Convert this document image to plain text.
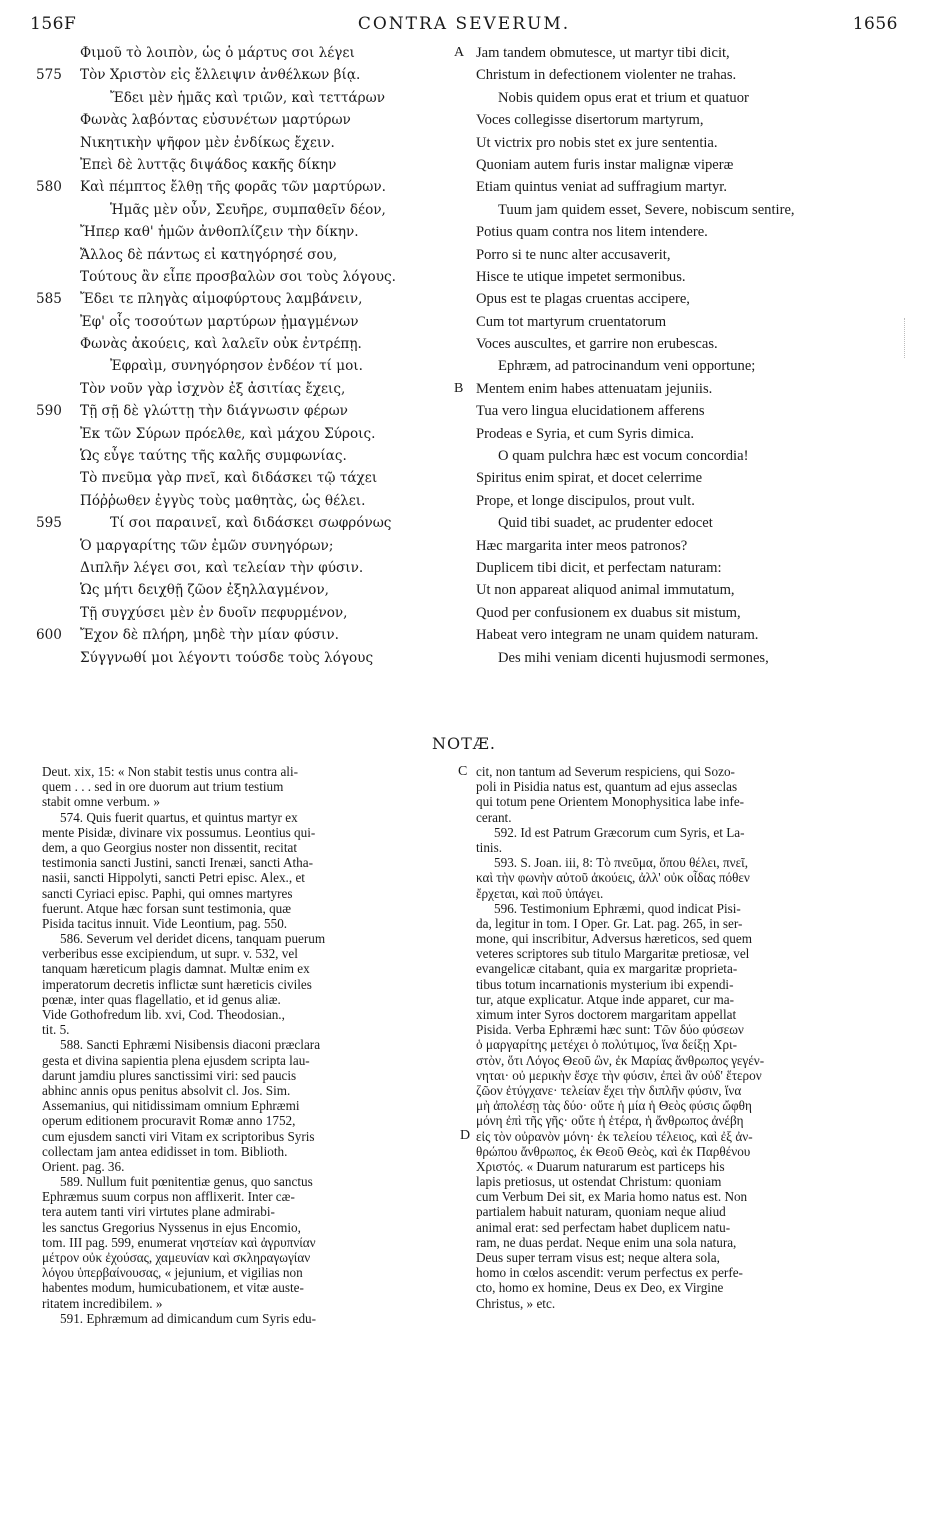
156F	CONTRA SEVERUM.	1656
Φιμοῦ τὸ λοιπὸν, ὡς ὁ μάρτυς σοι λέγει
575	Τὸν Χριστὸν εἰς ἔλλειψιν ἀνθέλκων βίᾳ.
Ἔδει μὲν ἡμᾶς καὶ τριῶν, καὶ τεττάρων
Φωνὰς λαβόντας εὐσυνέτων μαρτύρων
Νικητικὴν ψῆφον μὲν ἐνδίκως ἔχειν.
Ἐπεὶ δὲ λυττᾷς διψάδος κακῆς δίκην
580	Καὶ πέμπτος ἔλθῃ τῆς φορᾶς τῶν μαρτύρων.
Ἡμᾶς μὲν οὖν, Σευῆρε, συμπαθεῖν δέον,
Ἤπερ καθ' ἡμῶν ἀνθοπλίζειν τὴν δίκην.
Ἄλλος δὲ πάντως εἰ κατηγόρησέ σου,
Τούτους ἂν εἶπε προσβαλὼν σοι τοὺς λόγους.
585	Ἔδει τε πληγὰς αἱμοφύρτους λαμβάνειν,
Ἐφ' οἷς τοσούτων μαρτύρων ᾐμαγμένων
Φωνὰς ἀκούεις, καὶ λαλεῖν οὐκ ἐντρέπῃ.
Ἐφραὶμ, συνηγόρησον ἐνδέον τί μοι.
Τὸν νοῦν γὰρ ἰσχνὸν ἐξ ἀσιτίας ἔχεις,
590	Τῇ σῇ δὲ γλώττῃ τὴν διάγνωσιν φέρων
Ἐκ τῶν Σύρων πρόελθε, καὶ μάχου Σύροις.
Ὡς εὖγε ταύτης τῆς καλῆς συμφωνίας.
Τὸ πνεῦμα γὰρ πνεῖ, καὶ διδάσκει τῷ τάχει
Πόῤῥωθεν ἐγγὺς τοὺς μαθητὰς, ὡς θέλει.
595	Τί σοι παραινεῖ, καὶ διδάσκει σωφρόνως
Ὁ μαργαρίτης τῶν ἐμῶν συνηγόρων;
Διπλῆν λέγει σοι, καὶ τελείαν τὴν φύσιν.
Ὡς μήτι δειχθῇ ζῶον ἐξηλλαγμένον,
Τῇ συγχύσει μὲν ἐν δυοῖν πεφυρμένον,
600	Ἔχον δὲ πλήρη, μηδὲ τὴν μίαν φύσιν.
Σύγγνωθί μοι λέγοντι τούσδε τοὺς λόγους
A Jam tandem obmutesce, ut martyr tibi dicit,
Christum in defectionem violenter ne trahas.
Nobis quidem opus erat et trium et quatuor
Voces collegisse disertorum martyrum,
Ut victrix pro nobis stet ex jure sententia.
Quoniam autem furis instar malignæ viperæ
Etiam quintus veniat ad suffragium martyr.
Tuum jam quidem esset, Severe, nobiscum sentire,
Potius quam contra nos litem intendere.
Porro si te nunc alter accusaverit,
Hisce te utique impetet sermonibus.
Opus est te plagas cruentas accipere,
Cum tot martyrum cruentatorum
Voces auscultes, et garrire non erubescas.
Ephræm, ad patrocinandum veni opportune;
B Mentem enim habes attenuatam jejuniis.
Tua vero lingua elucidationem afferens
Prodeas e Syria, et cum Syris dimica.
O quam pulchra hæc est vocum concordia!
Spiritus enim spirat, et docet celerrime
Prope, et longe discipulos, prout vult.
Quid tibi suadet, ac prudenter edocet
Hæc margarita inter meos patronos?
Duplicem tibi dicit, et perfectam naturam:
Ut non appareat aliquod animal immutatum,
Quod per confusionem ex duabus sit mistum,
Habeat vero integram ne unam quidem naturam.
Des mihi veniam dicenti hujusmodi sermones,
NOTÆ.
Deut. xix, 15: « Non stabit testis unus contra ali-
quem . . . sed in ore duorum aut trium testium
stabit omne verbum. »
574. Quis fuerit quartus, et quintus martyr ex
mente Pisidæ, divinare vix possumus. Leontius qui-
dem, a quo Georgius noster non dissentit, recitat
testimonia sancti Justini, sancti Irenæi, sancti Atha-
nasii, sancti Hippolyti, sancti Petri episc. Alex., et
sancti Cyriaci episc. Paphi, qui omnes martyres
fuerunt. Atque hæc forsan sunt testimonia, quæ
Pisida tacitus innuit. Vide Leontium, pag. 550.
586. Severum vel deridet dicens, tanquam puerum
verberibus esse excipiendum, ut supr. v. 532, vel
tanquam hæreticum plagis damnat. Multæ enim ex
imperatorum decretis inflictæ sunt hæreticis civiles
pœnæ, inter quas flagellatio, et id genus aliæ.
Vide Gothofredum lib. xvi, Cod. Theodosian.,
tit. 5.
588. Sancti Ephræmi Nisibensis diaconi præclara
gesta et divina sapientia plena ejusdem scripta lau-
darunt jamdiu plures sanctissimi viri: sed paucis
abhinc annis opus penitus absolvit cl. Jos. Sim.
Assemanius, qui nitidissimam omnium Ephræmi
operum editionem procuravit Romæ anno 1752,
cum ejusdem sancti viri Vitam ex scriptoribus Syris
collectam jam antea edidisset in tom. Biblioth.
Orient. pag. 36.
589. Nullum fuit pœnitentiæ genus, quo sanctus
Ephræmus suum corpus non afflixerit. Inter cæ-
tera autem tanti viri virtutes plane admirabi-
les sanctus Gregorius Nyssenus in ejus Encomio,
tom. III pag. 599, enumerat νηστείαν καὶ ἀγρυπνίαν
μέτρον οὐκ ἐχούσας, χαμευνίαν καὶ σκληραγωγίαν
λόγου ὑπερβαίνουσας, « jejunium, et vigilias non
habentes modum, humicubationem, et vitæ auste-
ritatem incredibilem. »
591. Ephræmum ad dimicandum cum Syris edu-
C
D
cit, non tantum ad Severum respiciens, qui Sozo-
poli in Pisidia natus est, quantum ad ejus asseclas
qui totum pene Orientem Monophysitica labe infe-
cerant.
592. Id est Patrum Græcorum cum Syris, et La-
tinis.
593. S. Joan. iii, 8: Τὸ πνεῦμα, ὅπου θέλει, πνεῖ,
καὶ τὴν φωνὴν αὐτοῦ ἀκούεις, ἀλλ' οὐκ οἶδας πόθεν
ἔρχεται, καὶ ποῦ ὑπάγει.
596. Testimonium Ephræmi, quod indicat Pisi-
da, legitur in tom. I Oper. Gr. Lat. pag. 265, in ser-
mone, qui inscribitur, Adversus hæreticos, sed quem
veteres scriptores sub titulo Margaritæ pretiosæ, vel
evangelicæ citabant, quia ex margaritæ proprieta-
tibus totum incarnationis mysterium ibi expendi-
tur, atque explicatur. Atque inde apparet, cur ma-
ximum inter Syros doctorem margaritam appellat
Pisida. Verba Ephræmi hæc sunt: Τῶν δύο φύσεων
ὁ μαργαρίτης μετέχει ὁ πολύτιμος, ἵνα δείξῃ Χρι-
στὸν, ὅτι Λόγος Θεοῦ ὢν, ἐκ Μαρίας ἄνθρωπος γεγέν-
νηται· οὐ μερικὴν ἔσχε τὴν φύσιν, ἐπεὶ ἂν οὐδ' ἕτερον
ζῶον ἐτύγχανε· τελείαν ἔχει τὴν διπλῆν φύσιν, ἵνα
μὴ ἀπολέσῃ τὰς δύο· οὔτε ἡ μία ἡ Θεὸς φύσις ὤφθη
μόνη ἐπὶ τῆς γῆς· οὔτε ἡ ἑτέρα, ἡ ἄνθρωπος ἀνέβη
εἰς τὸν οὐρανὸν μόνη· ἐκ τελείου τέλειος, καὶ ἐξ ἀν-
θρώπου ἄνθρωπος, ἐκ Θεοῦ Θεὸς, καὶ ἐκ Παρθένου
Χριστός. « Duarum naturarum est particeps his
lapis pretiosus, ut ostendat Christum: quoniam
cum Verbum Dei sit, ex Maria homo natus est. Non
partialem habuit naturam, quoniam neque aliud
animal erat: sed perfectam habet duplicem natu-
ram, ne duas perdat. Neque enim una sola natura,
Deus super terram visus est; neque altera sola,
homo in cœlos ascendit: verum perfectus ex perfe-
cto, homo ex homine, Deus ex Deo, ex Virgine
Christus, » etc.
